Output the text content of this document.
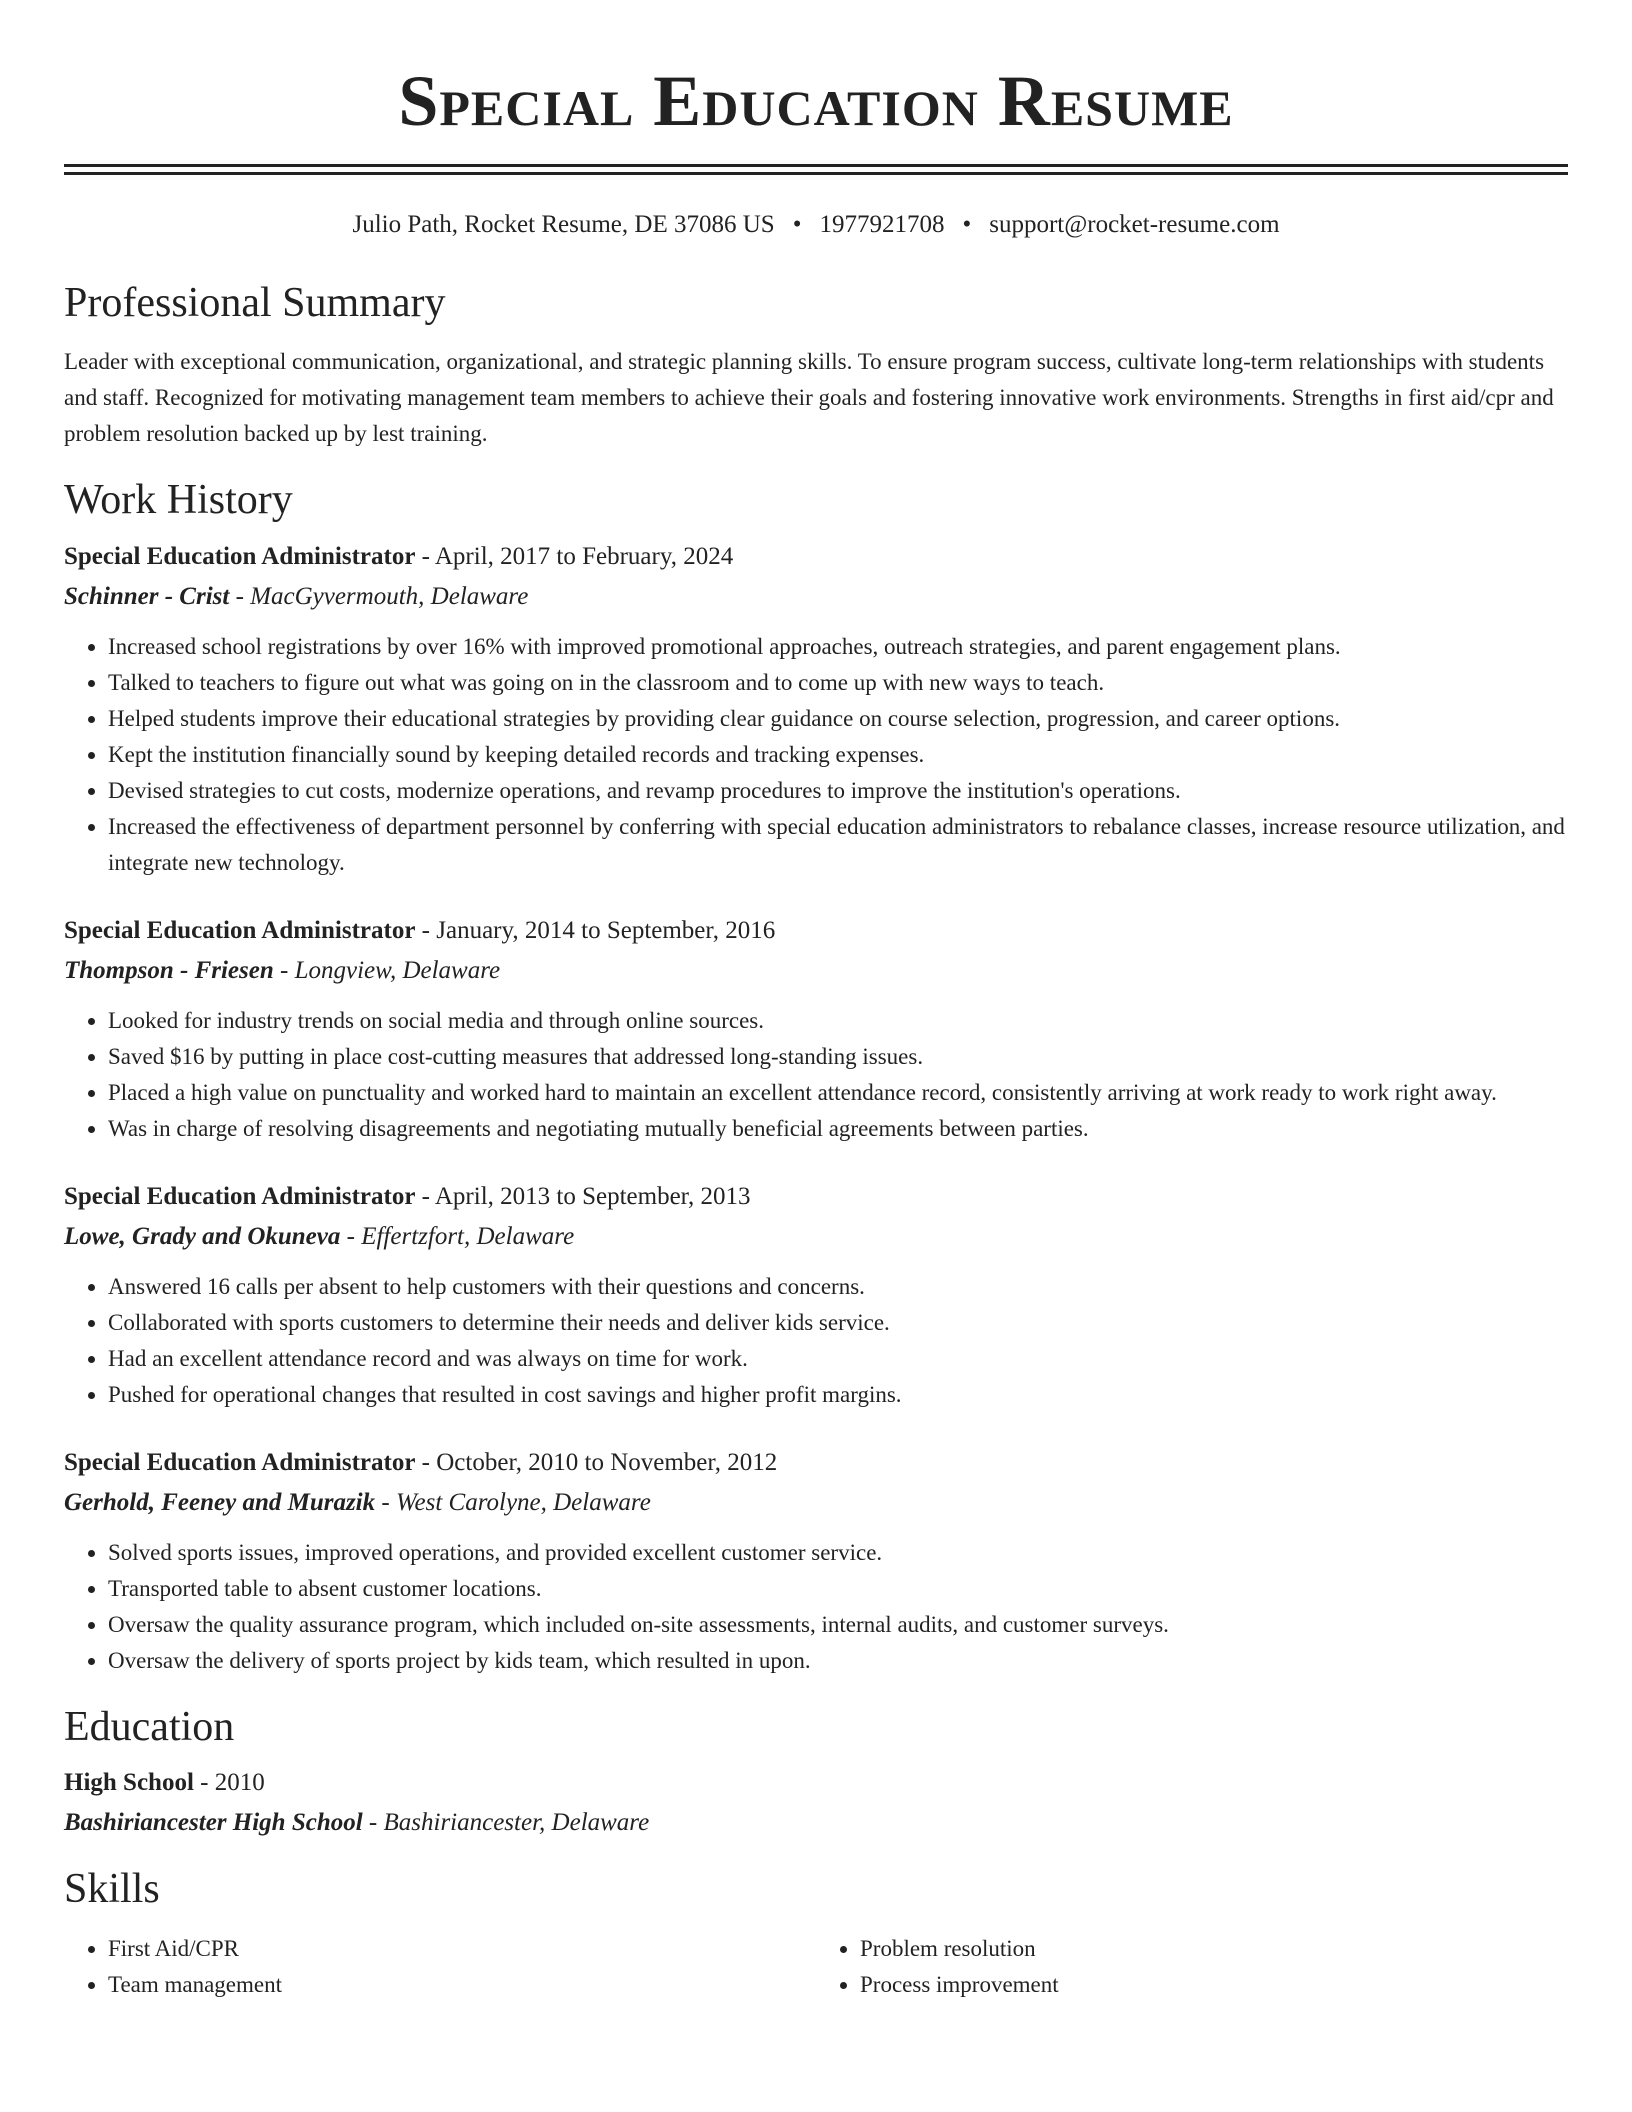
Special Education Resume
Julio Path, Rocket Resume, DE 37086 US • 1977921708 • support@rocket-resume.com
Professional Summary

Leader with exceptional communication, organizational, and strategic planning skills. To ensure program success, cultivate long-term relationships with students and staff. Recognized for motivating management team members to achieve their goals and fostering innovative work environments. Strengths in first aid/cpr and problem resolution backed up by lest training.

Work History
Special Education Administrator - April, 2017 to February, 2024
Schinner - Crist - MacGyvermouth, Delaware
• Increased school registrations by over 16% with improved promotional approaches, outreach strategies, and parent engagement plans.
• Talked to teachers to figure out what was going on in the classroom and to come up with new ways to teach.
• Helped students improve their educational strategies by providing clear guidance on course selection, progression, and career options.
• Kept the institution financially sound by keeping detailed records and tracking expenses.
• Devised strategies to cut costs, modernize operations, and revamp procedures to improve the institution's operations.
• Increased the effectiveness of department personnel by conferring with special education administrators to rebalance classes, increase resource utilization, and integrate new technology.
Special Education Administrator - January, 2014 to September, 2016
Thompson - Friesen - Longview, Delaware
• Looked for industry trends on social media and through online sources.
• Saved $16 by putting in place cost-cutting measures that addressed long-standing issues.
• Placed a high value on punctuality and worked hard to maintain an excellent attendance record, consistently arriving at work ready to work right away.
• Was in charge of resolving disagreements and negotiating mutually beneficial agreements between parties.
Special Education Administrator - April, 2013 to September, 2013
Lowe, Grady and Okuneva - Effertzfort, Delaware
• Answered 16 calls per absent to help customers with their questions and concerns.
• Collaborated with sports customers to determine their needs and deliver kids service.
• Had an excellent attendance record and was always on time for work.
• Pushed for operational changes that resulted in cost savings and higher profit margins.
Special Education Administrator - October, 2010 to November, 2012
Gerhold, Feeney and Murazik - West Carolyne, Delaware
• Solved sports issues, improved operations, and provided excellent customer service.
• Transported table to absent customer locations.
• Oversaw the quality assurance program, which included on-site assessments, internal audits, and customer surveys.
• Oversaw the delivery of sports project by kids team, which resulted in upon.
Education
High School - 2010
Bashiriancester High School - Bashiriancester, Delaware
Skills
• First Aid/CPR
• Team management
• Problem resolution
• Process improvement
